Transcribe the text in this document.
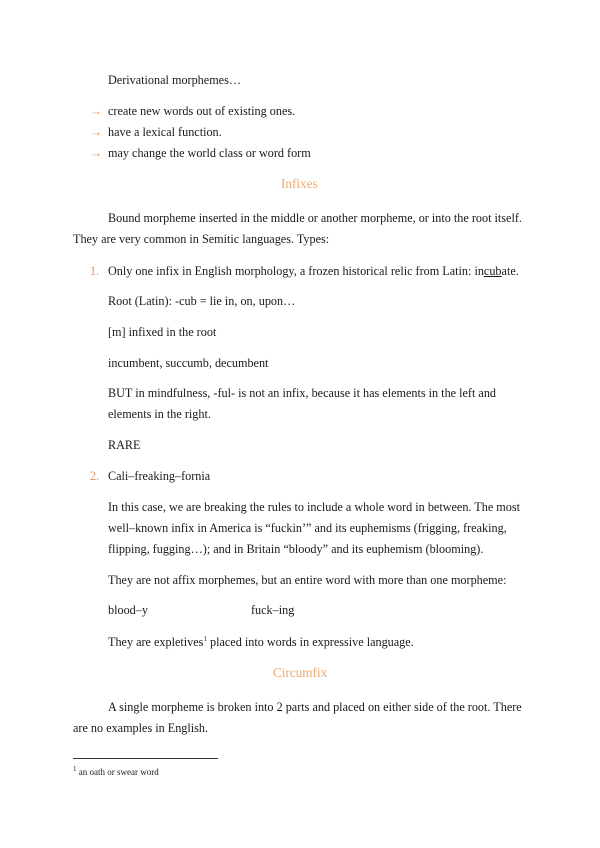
Derivational morphemes…
→ create new words out of existing ones.
→ have a lexical function.
→ may change the world class or word form
Infixes
Bound morpheme inserted in the middle or another morpheme, or into the root itself.
They are very common in Semitic languages. Types:
1. Only one infix in English morphology, a frozen historical relic from Latin: incubate.
Root (Latin): -cub = lie in, on, upon…
[m] infixed in the root
incumbent, succumb, decumbent
BUT in mindfulness, -ful- is not an infix, because it has elements in the left and
elements in the right.
RARE
2. Cali–freaking–fornia
In this case, we are breaking the rules to include a whole word in between. The most
well–known infix in America is “fuckin’” and its euphemisms (frigging, freaking,
flipping, fugging…); and in Britain “bloody” and its euphemism (blooming).
They are not affix morphemes, but an entire word with more than one morpheme:
blood–y	fuck–ing
They are expletives$^1$ placed into words in expressive language.
Circumfix
A single morpheme is broken into 2 parts and placed on either side of the root. There
are no examples in English.
$^1$ an oath or swear word
